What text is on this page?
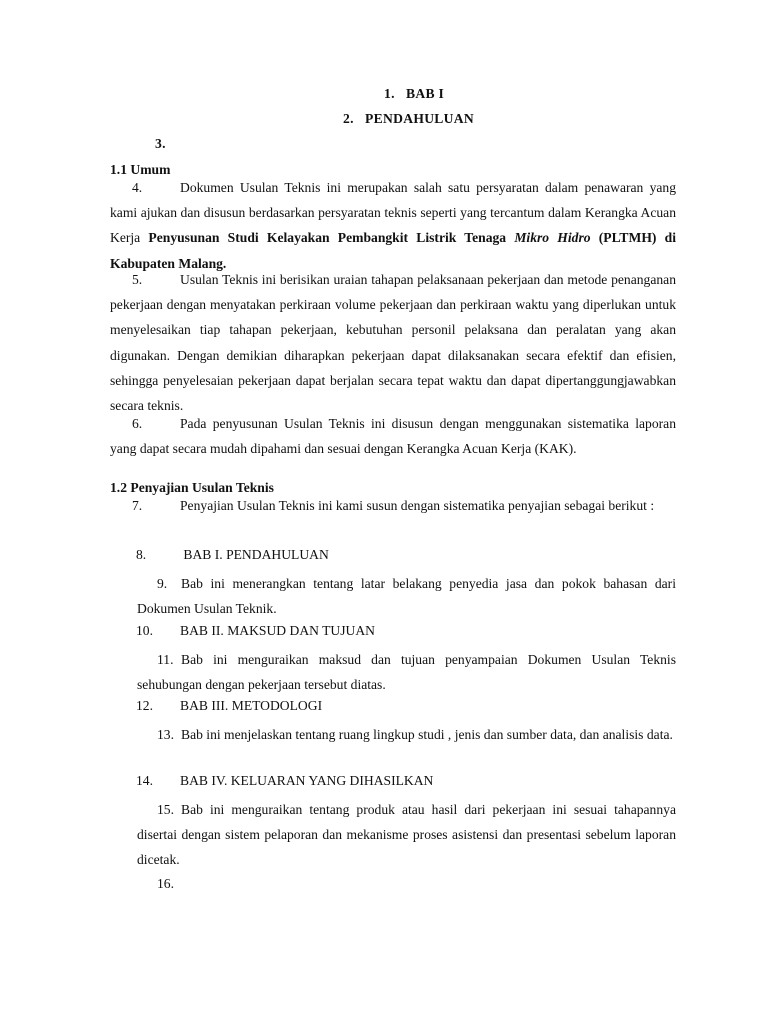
1. BAB I
2. PENDAHULUAN
3.
1.1 Umum
4.	Dokumen Usulan Teknis ini merupakan salah satu persyaratan dalam penawaran yang kami ajukan dan disusun berdasarkan persyaratan teknis seperti yang tercantum dalam Kerangka Acuan Kerja Penyusunan Studi Kelayakan Pembangkit Listrik Tenaga Mikro Hidro (PLTMH) di Kabupaten Malang.
5.	Usulan Teknis ini berisikan uraian tahapan pelaksanaan pekerjaan dan metode penanganan pekerjaan dengan menyatakan perkiraan volume pekerjaan dan perkiraan waktu yang diperlukan untuk menyelesaikan tiap tahapan pekerjaan, kebutuhan personil pelaksana dan peralatan yang akan digunakan. Dengan demikian diharapkan pekerjaan dapat dilaksanakan secara efektif dan efisien, sehingga penyelesaian pekerjaan dapat berjalan secara tepat waktu dan dapat dipertanggungjawabkan secara teknis.
6.	Pada penyusunan Usulan Teknis ini disusun dengan menggunakan sistematika laporan yang dapat secara mudah dipahami dan sesuai dengan Kerangka Acuan Kerja (KAK).
1.2 Penyajian Usulan Teknis
7.	Penyajian Usulan Teknis ini kami susun dengan sistematika penyajian sebagai berikut :
8. BAB I. PENDAHULUAN
9. Bab ini menerangkan tentang latar belakang penyedia jasa dan pokok bahasan dari Dokumen Usulan Teknik.
10. BAB II. MAKSUD DAN TUJUAN
11. Bab ini menguraikan maksud dan tujuan penyampaian Dokumen Usulan Teknis sehubungan dengan pekerjaan tersebut diatas.
12. BAB III. METODOLOGI
13. Bab ini menjelaskan tentang ruang lingkup studi , jenis dan sumber data, dan analisis data.
14. BAB IV. KELUARAN YANG DIHASILKAN
15. Bab ini menguraikan tentang produk atau hasil dari pekerjaan ini sesuai tahapannya disertai dengan sistem pelaporan dan mekanisme proses asistensi dan presentasi sebelum laporan dicetak.
16.
